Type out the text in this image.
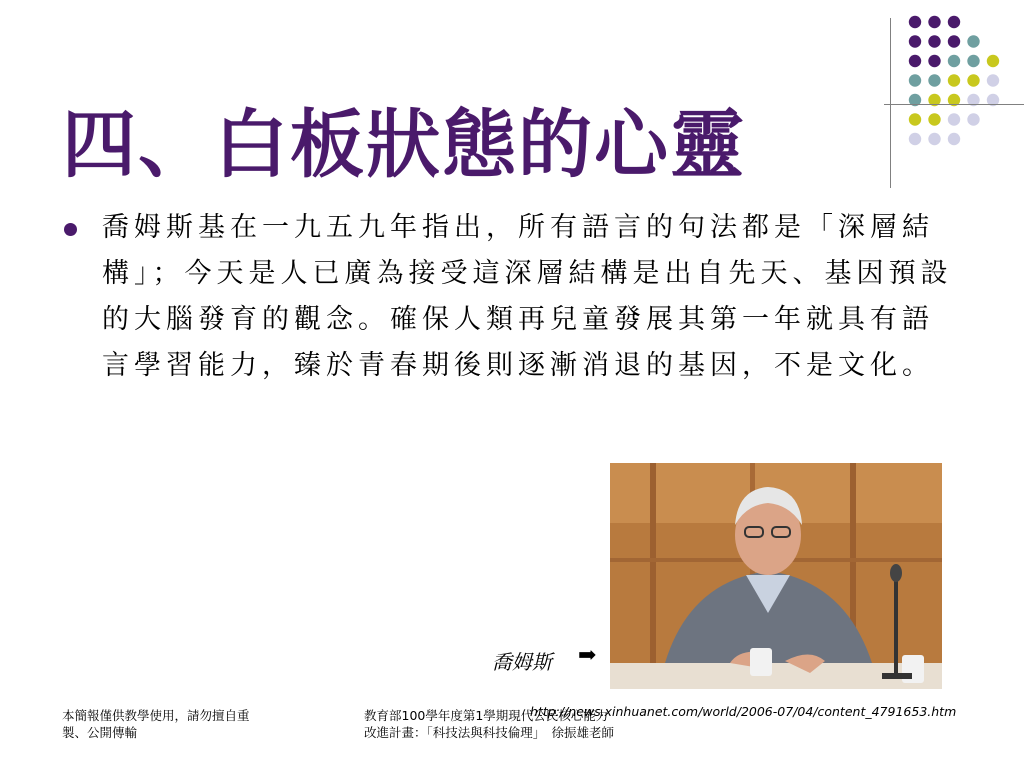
四、白板狀態的心靈
喬姆斯基在一九五九年指出，所有語言的句法都是「深層結構」；今天是人已廣為接受這深層結構是出自先天、基因預設的大腦發育的觀念。確保人類再兒童發展其第一年就具有語言學習能力，臻於青春期後則逐漸消退的基因，不是文化。
喬姆斯 ➡
本簡報僅供教學使用，請勿擅自重
製、公開傳輸
教育部100學年度第1學期現代公民核心能力
改進計畫：「科技法與科技倫理」　徐振雄老師
http://news.xinhuanet.com/world/2006-07/04/content_4791653.htm
